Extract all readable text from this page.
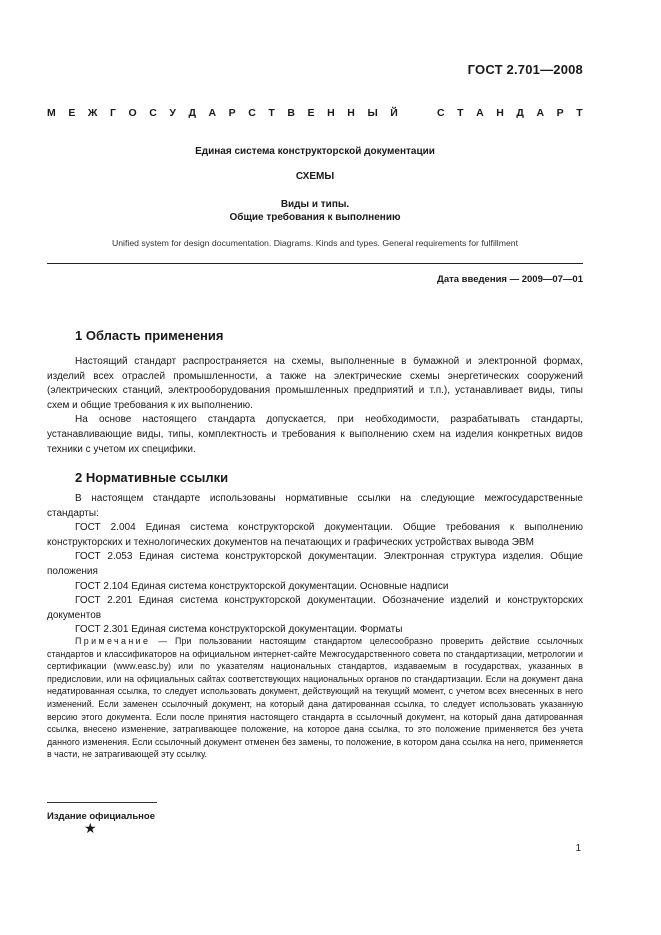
ГОСТ 2.701—2008
М Е Ж Г О С У Д А Р С Т В Е Н Н Ы Й	С Т А Н Д А Р Т
Единая система конструкторской документации
СХЕМЫ
Виды и типы.
Общие требования к выполнению
Unified system for design documentation. Diagrams. Kinds and types. General requirements for fulfillment
Дата введения — 2009—07—01
1 Область применения

Настоящий стандарт распространяется на схемы, выполненные в бумажной и электронной формах, изделий всех отраслей промышленности, а также на электрические схемы энергетических сооружений (электрических станций, электрооборудования промышленных предприятий и т.п.), устанавливает виды, типы схем и общие требования к их выполнению.

На основе настоящего стандарта допускается, при необходимости, разрабатывать стандарты, устанавливающие виды, типы, комплектность и требования к выполнению схем на изделия конкретных видов техники с учетом их специфики.

2 Нормативные ссылки

В настоящем стандарте использованы нормативные ссылки на следующие межгосударственные стандарты:

ГОСТ 2.004 Единая система конструкторской документации. Общие требования к выполнению конструкторских и технологических документов на печатающих и графических устройствах вывода ЭВМ

ГОСТ 2.053 Единая система конструкторской документации. Электронная структура изделия. Общие положения

ГОСТ 2.104 Единая система конструкторской документации. Основные надписи

ГОСТ 2.201 Единая система конструкторской документации. Обозначение изделий и конструкторских документов

ГОСТ 2.301 Единая система конструкторской документации. Форматы

Примечание — При пользовании настоящим стандартом целесообразно проверить действие ссылочных стандартов и классификаторов на официальном интернет-сайте Межгосударственного совета по стандартизации, метрологии и сертификации (www.easc.by) или по указателям национальных стандартов, издаваемым в государствах, указанных в предисловии, или на официальных сайтах соответствующих национальных органов по стандартизации. Если на документ дана недатированная ссылка, то следует использовать документ, действующий на текущий момент, с учетом всех внесенных в него изменений. Если заменен ссылочный документ, на который дана датированная ссылка, то следует использовать указанную версию этого документа. Если после принятия настоящего стандарта в ссылочный документ, на который дана датированная ссылка, внесено изменение, затрагивающее положение, на которое дана ссылка, то это положение применяется без учета данного изменения. Если ссылочный документ отменен без замены, то положение, в котором дана ссылка на него, применяется в части, не затрагивающей эту ссылку.

Издание официальное
★
1
